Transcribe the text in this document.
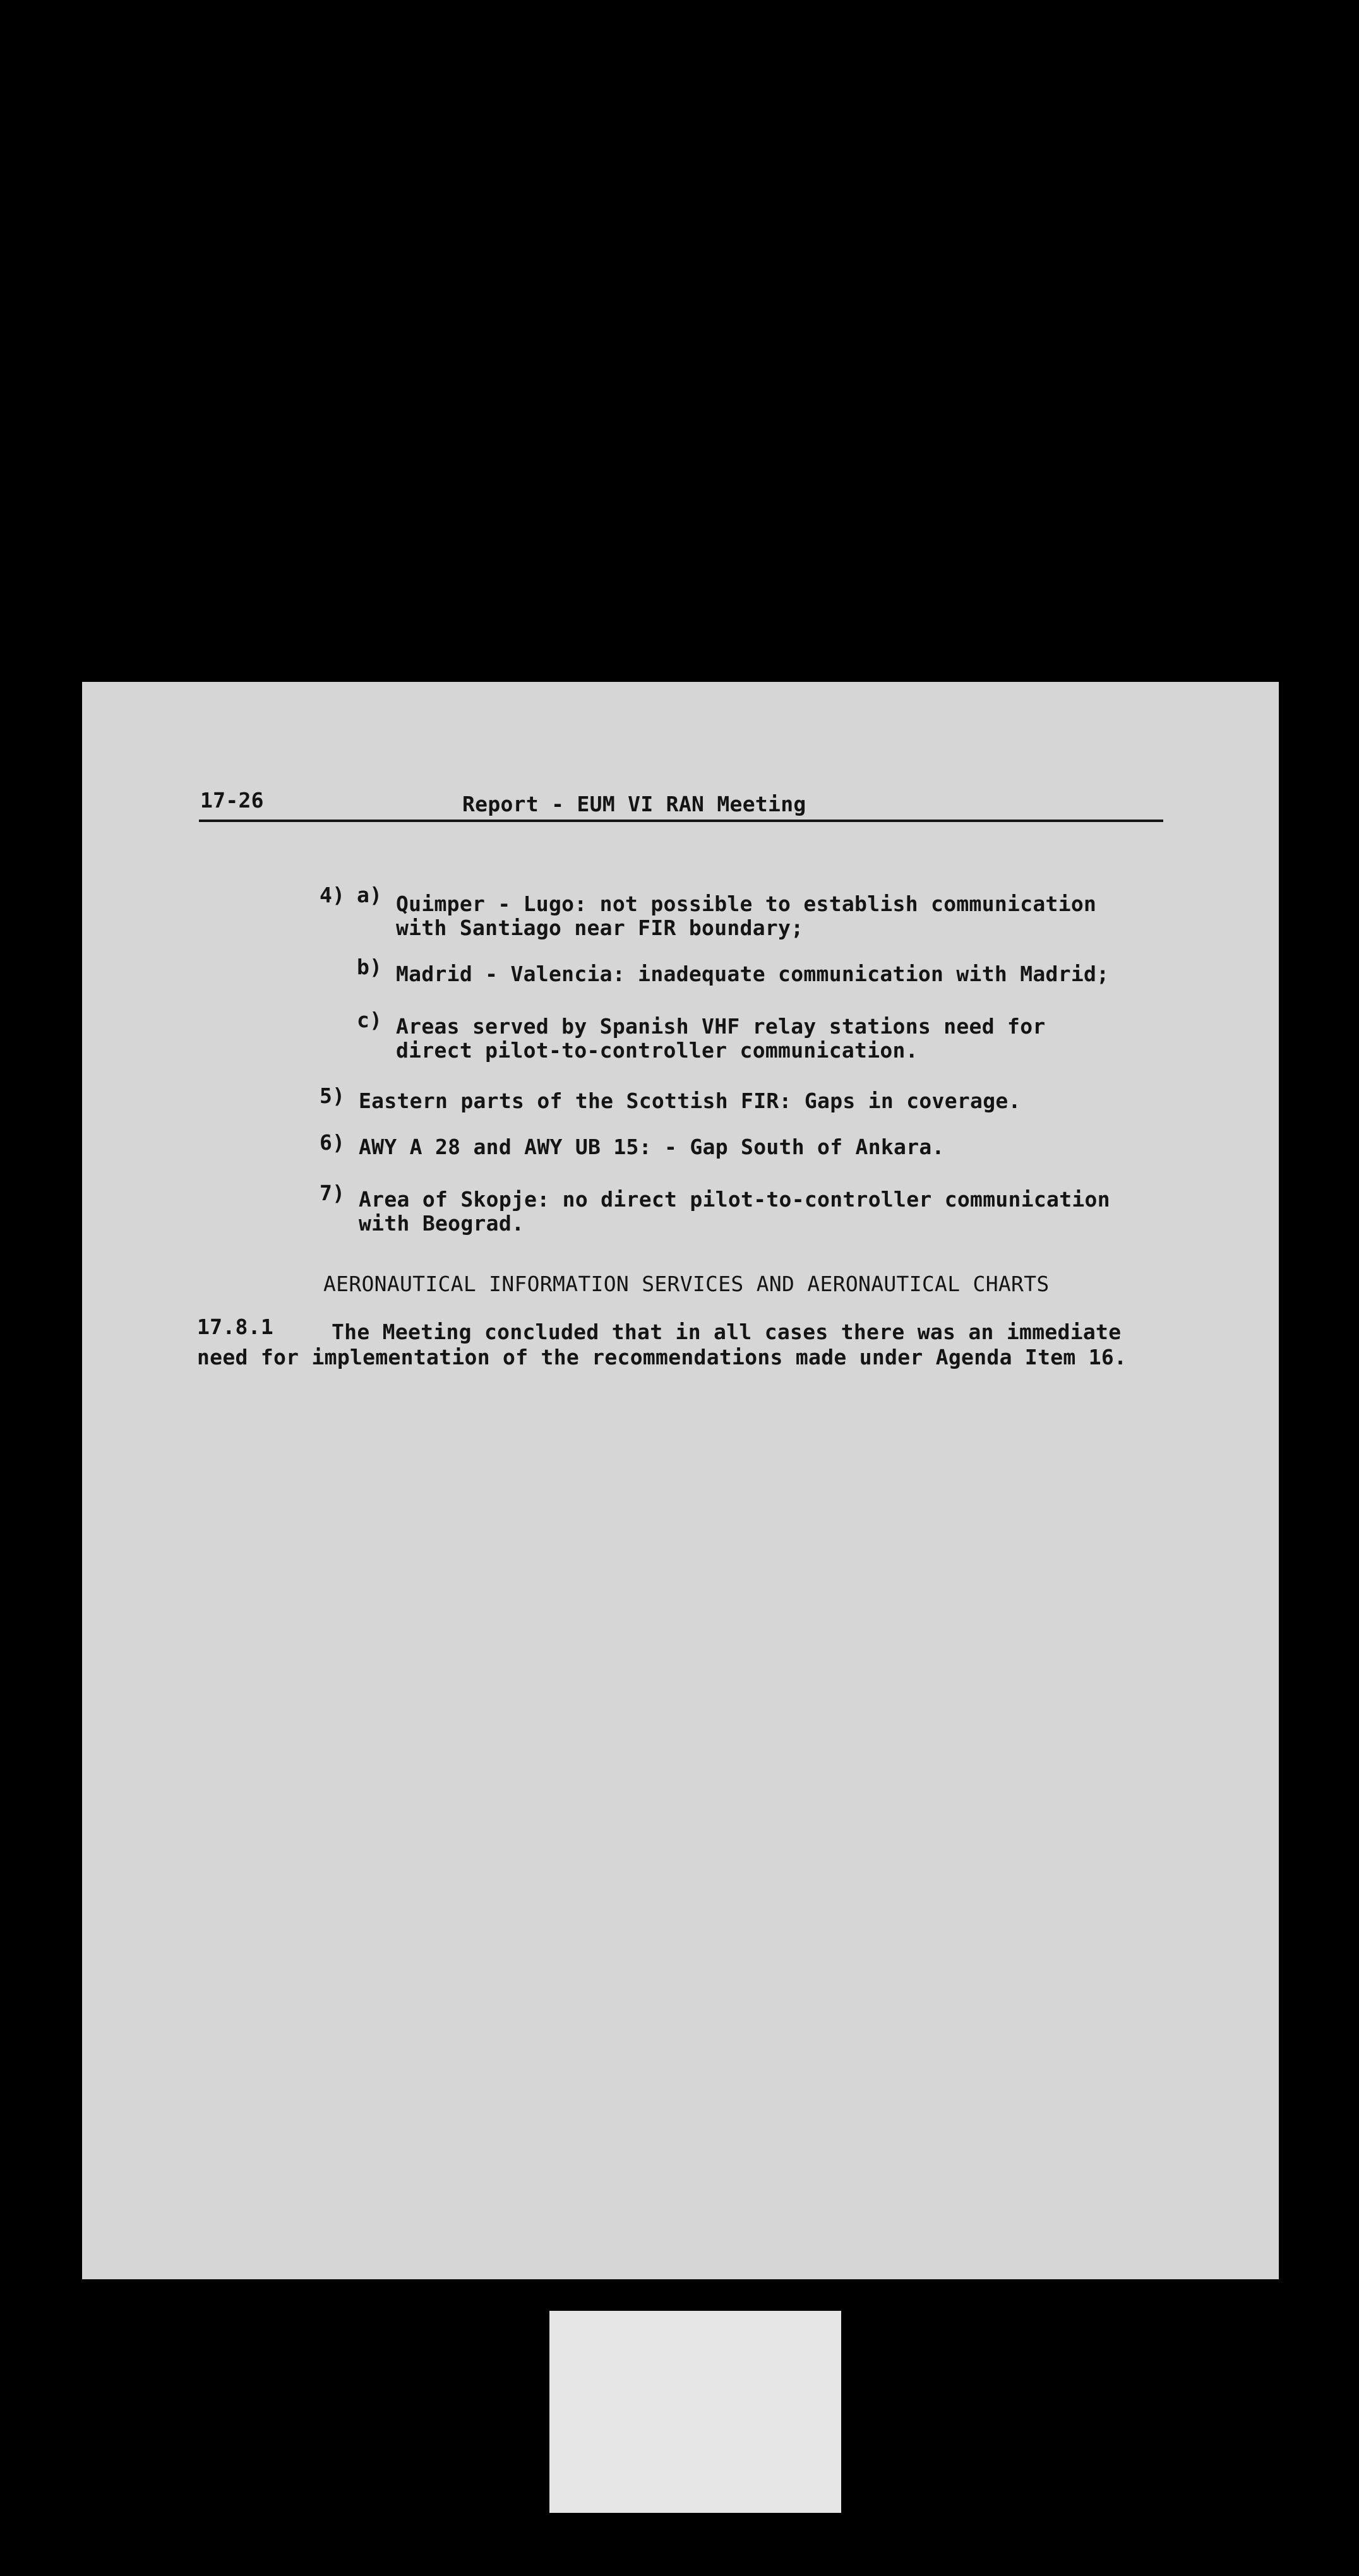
17-26	Report - EUM VI RAN Meeting
4) a) Quimper - Lugo: not possible to establish communication
with Santiago near FIR boundary;
b) Madrid - Valencia: inadequate communication with Madrid;
c) Areas served by Spanish VHF relay stations need for
direct pilot-to-controller communication.
5) Eastern parts of the Scottish FIR: Gaps in coverage.
6) AWY A 28 and AWY UB 15: - Gap South of Ankara.
7) Area of Skopje: no direct pilot-to-controller communication
with Beograd.
AERONAUTICAL INFORMATION SERVICES AND AERONAUTICAL CHARTS
17.8.1	The Meeting concluded that in all cases there was an immediate
need for implementation of the recommendations made under Agenda Item 16.
